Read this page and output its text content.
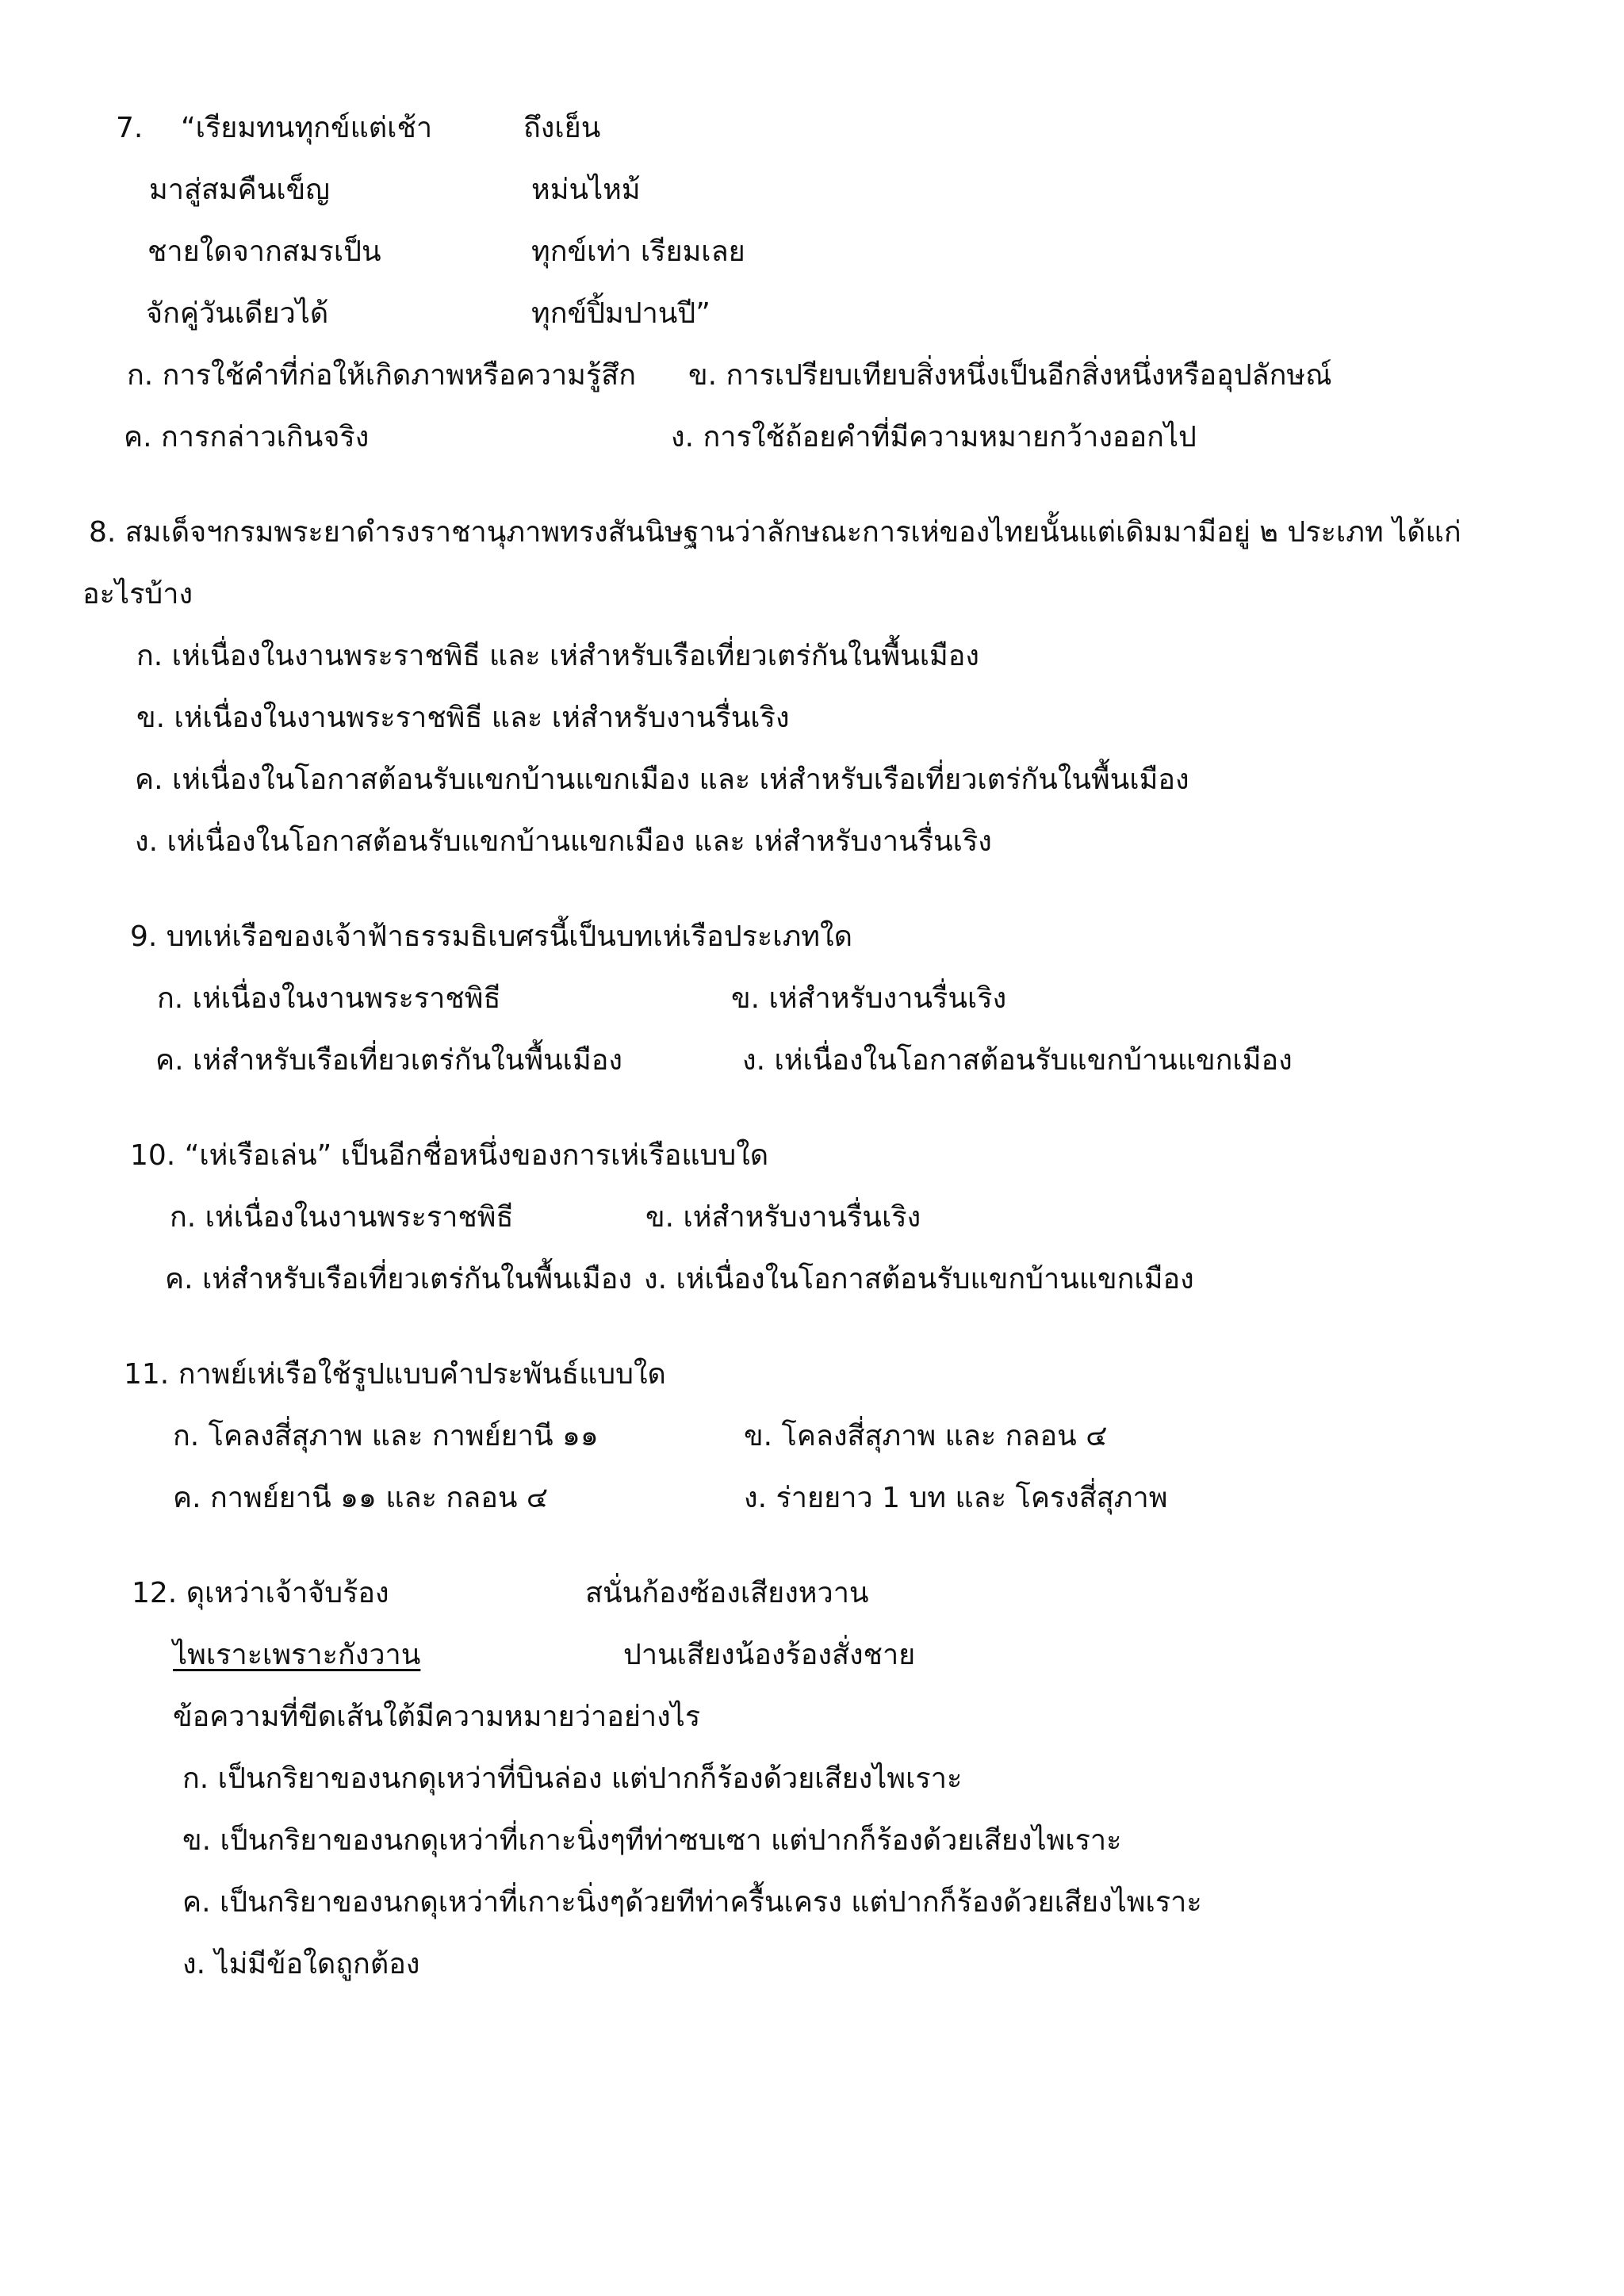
7. “เรียมทนทุกข์แต่เช้า	ถึงเย็น
มาสู่สมคืนเข็ญ	หม่นไหม้
ชายใดจากสมรเป็น	ทุกข์เท่า เรียมเลย
จักคู่วันเดียวได้	ทุกข์ปิ้มปานปี”
ก. การใช้คำที่ก่อให้เกิดภาพหรือความรู้สึก ข. การเปรียบเทียบสิ่งหนึ่งเป็นอีกสิ่งหนึ่งหรืออุปลักษณ์
ค. การกล่าวเกินจริง	ง. การใช้ถ้อยคำที่มีความหมายกว้างออกไป
8. สมเด็จฯกรมพระยาดำรงราชานุภาพทรงสันนิษฐานว่าลักษณะการเห่ของไทยนั้นแต่เดิมมามีอยู่ ๒ ประเภท ได้แก่
อะไรบ้าง
ก. เห่เนื่องในงานพระราชพิธี และ เห่สำหรับเรือเที่ยวเตร่กันในพื้นเมือง
ข. เห่เนื่องในงานพระราชพิธี และ เห่สำหรับงานรื่นเริง
ค. เห่เนื่องในโอกาสต้อนรับแขกบ้านแขกเมือง และ เห่สำหรับเรือเที่ยวเตร่กันในพื้นเมือง
ง. เห่เนื่องในโอกาสต้อนรับแขกบ้านแขกเมือง และ เห่สำหรับงานรื่นเริง
9. บทเห่เรือของเจ้าฟ้าธรรมธิเบศรนี้เป็นบทเห่เรือประเภทใด
ก. เห่เนื่องในงานพระราชพิธี	ข. เห่สำหรับงานรื่นเริง
ค. เห่สำหรับเรือเที่ยวเตร่กันในพื้นเมือง	ง. เห่เนื่องในโอกาสต้อนรับแขกบ้านแขกเมือง
10. “เห่เรือเล่น” เป็นอีกชื่อหนึ่งของการเห่เรือแบบใด
ก. เห่เนื่องในงานพระราชพิธี	ข. เห่สำหรับงานรื่นเริง
ค. เห่สำหรับเรือเที่ยวเตร่กันในพื้นเมือง ง. เห่เนื่องในโอกาสต้อนรับแขกบ้านแขกเมือง
11. กาพย์เห่เรือใช้รูปแบบคำประพันธ์แบบใด
ก. โคลงสี่สุภาพ และ กาพย์ยานี ๑๑	ข. โคลงสี่สุภาพ และ กลอน ๔
ค. กาพย์ยานี ๑๑ และ กลอน ๔	ง. ร่ายยาว 1 บท และ โครงสี่สุภาพ
12. ดุเหว่าเจ้าจับร้อง	สนั่นก้องซ้องเสียงหวาน
ไพเราะเพราะกังวาน	ปานเสียงน้องร้องสั่งชาย
ข้อความที่ขีดเส้นใต้มีความหมายว่าอย่างไร
ก. เป็นกริยาของนกดุเหว่าที่บินล่อง แต่ปากก็ร้องด้วยเสียงไพเราะ
ข. เป็นกริยาของนกดุเหว่าที่เกาะนิ่งๆทีท่าซบเซา แต่ปากก็ร้องด้วยเสียงไพเราะ
ค. เป็นกริยาของนกดุเหว่าที่เกาะนิ่งๆด้วยทีท่าครื้นเครง แต่ปากก็ร้องด้วยเสียงไพเราะ
ง. ไม่มีข้อใดถูกต้อง
